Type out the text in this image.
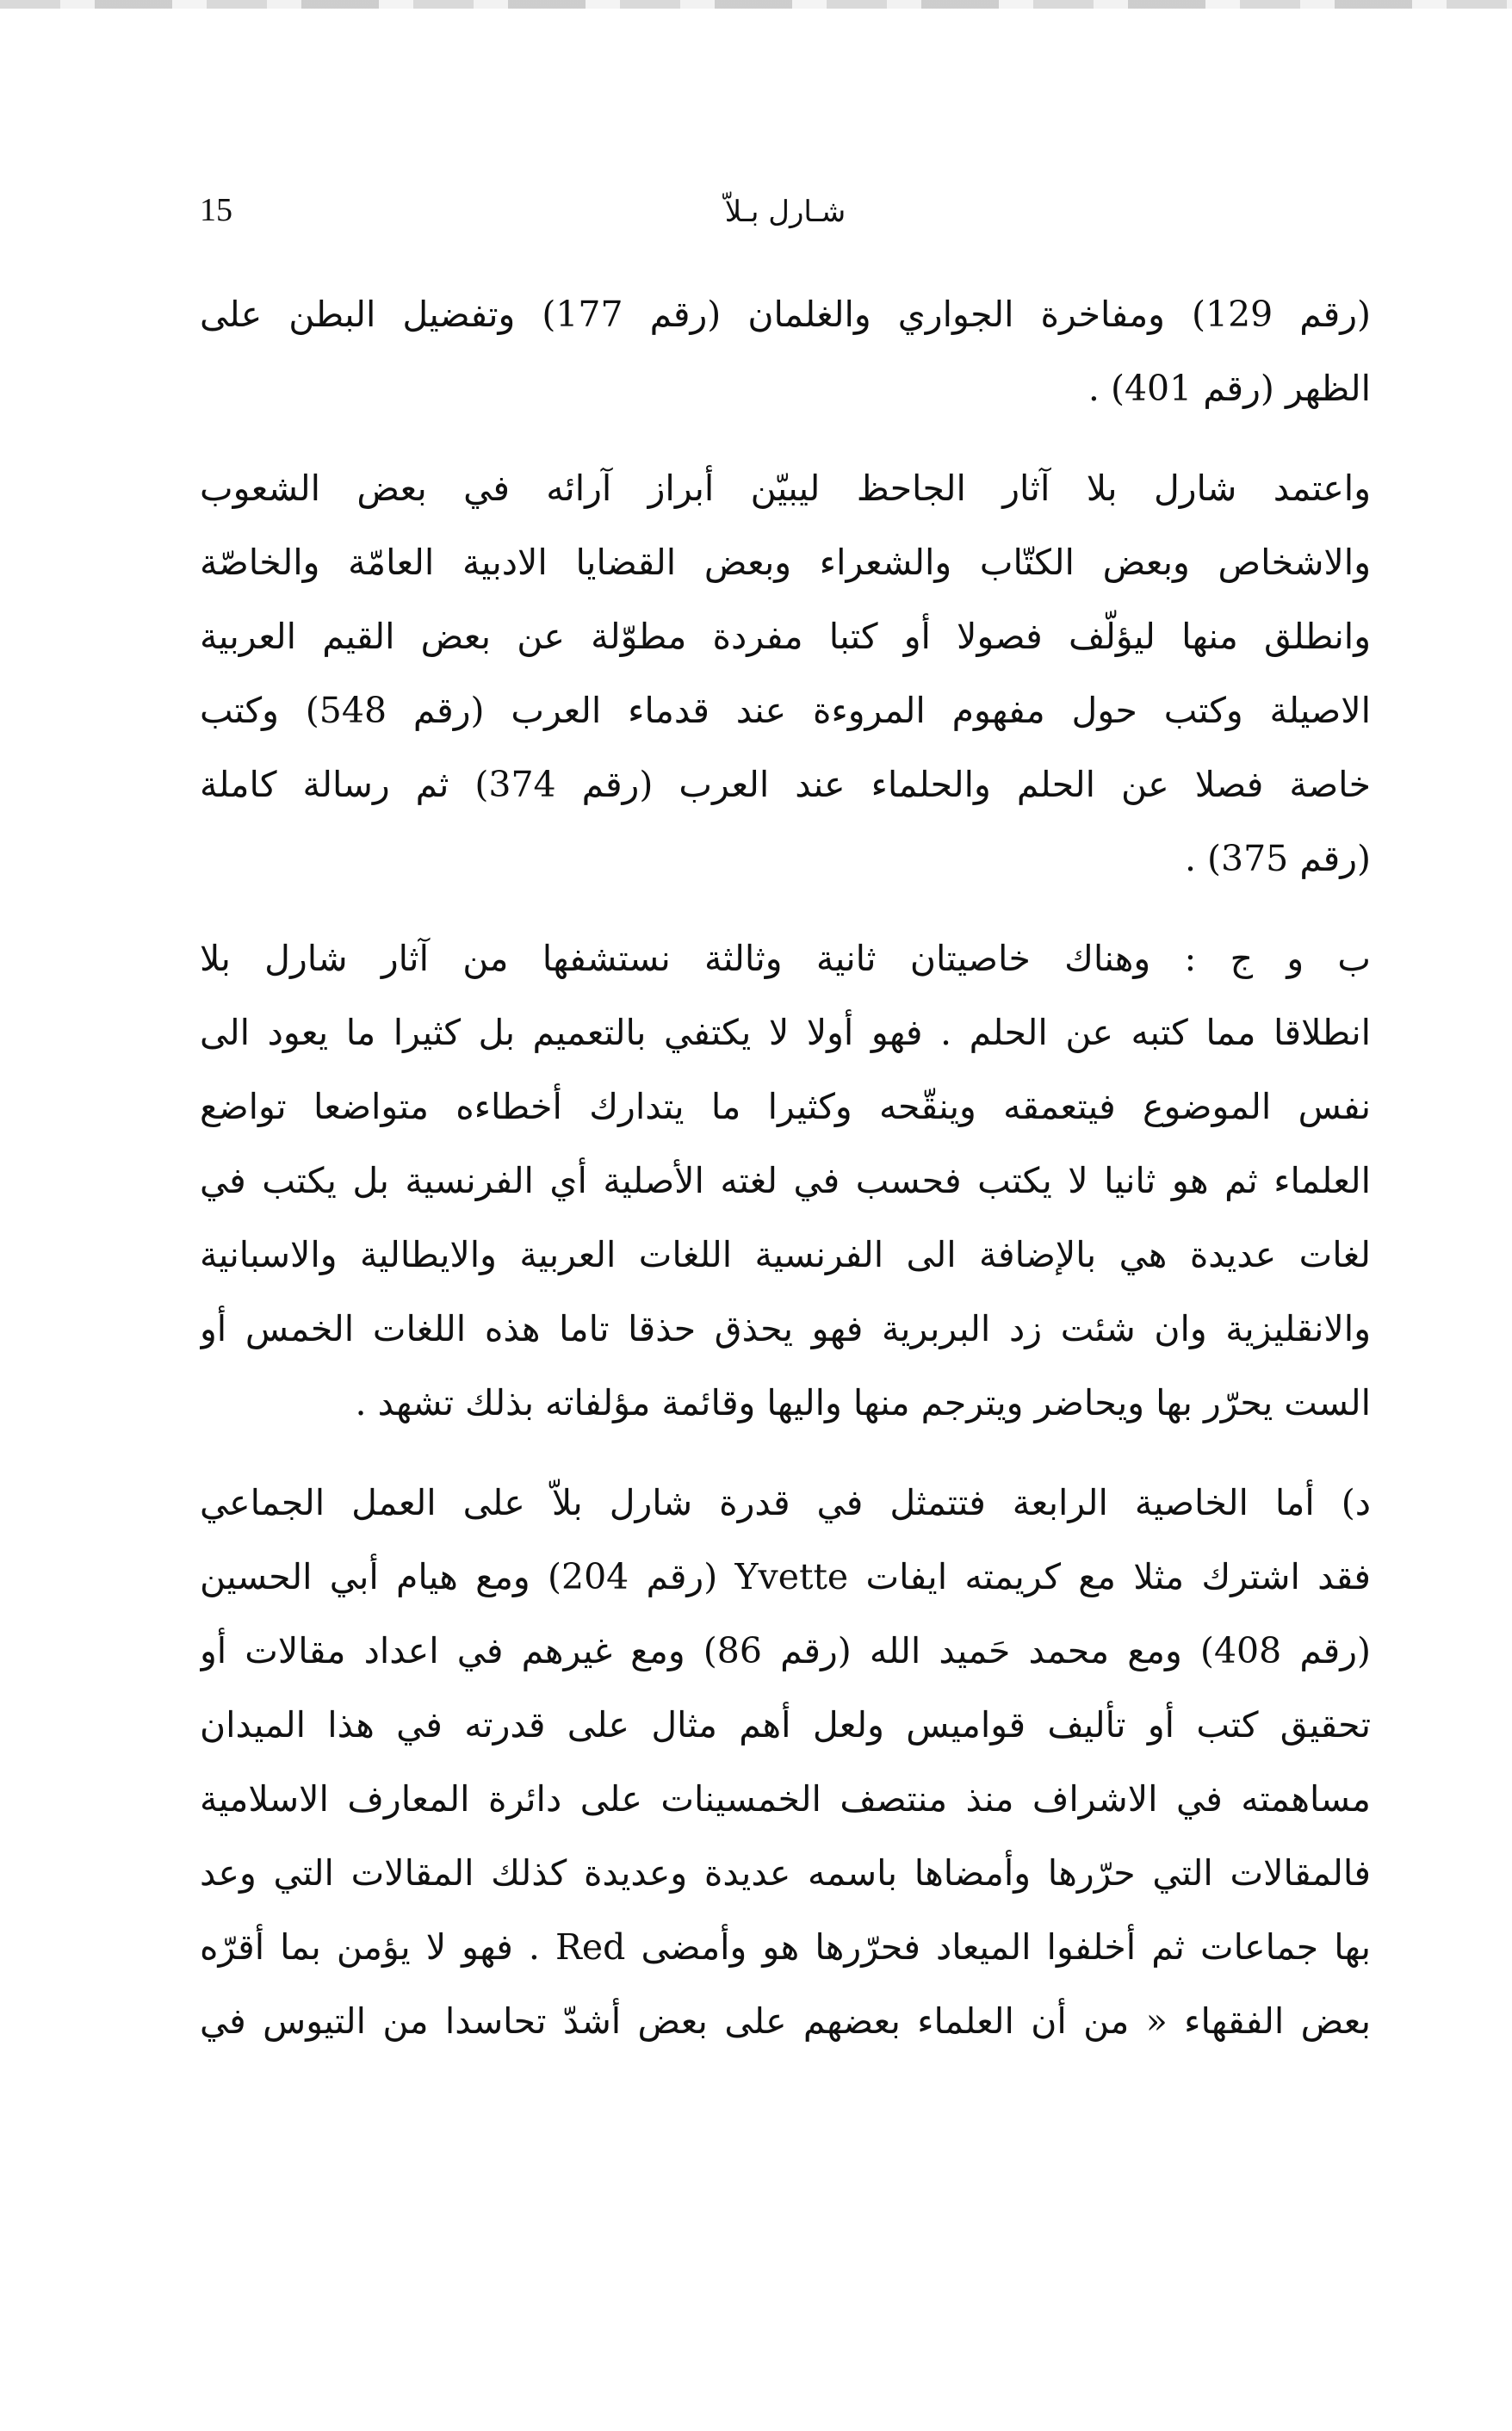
15	شـارل بـلاّ

(رقم 129) ومفاخرة الجواري والغلمان (رقم 177) وتفضيل البطن على
الظهر (رقم 401) .

واعتمد شارل بلا آثار الجاحظ ليبيّن أبراز آرائه في بعض الشعوب
والاشخاص وبعض الكتّاب والشعراء وبعض القضايا الادبية العامّة والخاصّة
وانطلق منها ليؤلّف فصولا أو كتبا مفردة مطوّلة عن بعض القيم العربية
الاصيلة وكتب حول مفهوم المروءة عند قدماء العرب (رقم 548) وكتب
خاصة فصلا عن الحلم والحلماء عند العرب (رقم 374) ثم رسالة كاملة
(رقم 375) .

ب و ج : وهناك خاصيتان ثانية وثالثة نستشفها من آثار شارل بلا
انطلاقا مما كتبه عن الحلم . فهو أولا لا يكتفي بالتعميم بل كثيرا ما يعود الى
نفس الموضوع فيتعمقه وينقّحه وكثيرا ما يتدارك أخطاءه متواضعا تواضع
العلماء ثم هو ثانيا لا يكتب فحسب في لغته الأصلية أي الفرنسية بل يكتب في
لغات عديدة هي بالإضافة الى الفرنسية اللغات العربية والايطالية والاسبانية
والانقليزية وان شئت زد البربرية فهو يحذق حذقا تاما هذه اللغات الخمس أو
الست يحرّر بها ويحاضر ويترجم منها واليها وقائمة مؤلفاته بذلك تشهد .

د) أما الخاصية الرابعة فتتمثل في قدرة شارل بلاّ على العمل الجماعي
فقد اشترك مثلا مع كريمته ايفات Yvette (رقم 204) ومع هيام أبي الحسين
(رقم 408) ومع محمد حَميد الله (رقم 86) ومع غيرهم في اعداد مقالات أو
تحقيق كتب أو تأليف قواميس ولعل أهم مثال على قدرته في هذا الميدان
مساهمته في الاشراف منذ منتصف الخمسينات على دائرة المعارف الاسلامية
فالمقالات التي حرّرها وأمضاها باسمه عديدة وعديدة كذلك المقالات التي وعد
بها جماعات ثم أخلفوا الميعاد فحرّرها هو وأمضى Red . فهو لا يؤمن بما أقرّه
بعض الفقهاء « من أن العلماء بعضهم على بعض أشدّ تحاسدا من التيوس في
